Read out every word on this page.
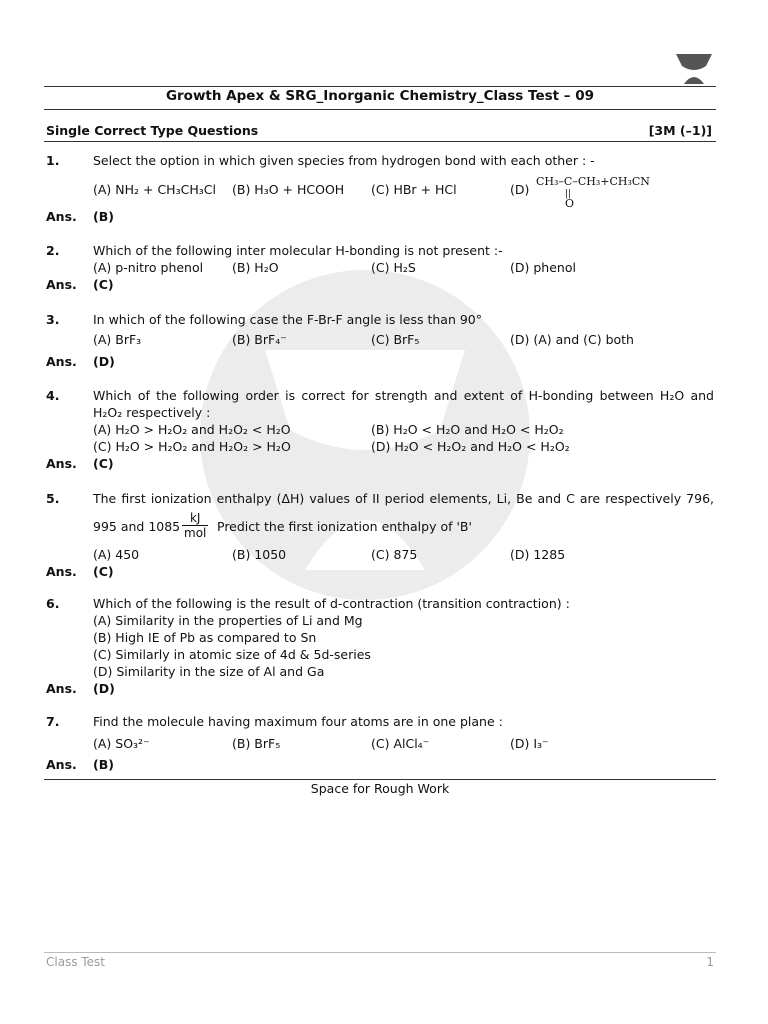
Growth Apex & SRG_Inorganic Chemistry_Class Test – 09
Single Correct Type Questions	[3M (–1)]
1.	Select the option in which given species from hydrogen bond with each other : -
(A) NH₂ + CH₃CH₃Cl (B) H₃O + HCOOH (C) HBr + HCl	(D)
CH₃–C–CH₃+CH₃CN
||
O
Ans. (B)
2.	Which of the following inter molecular H-bonding is not present :-
(A) p-nitro phenol (B) H₂O	(C) H₂S	(D) phenol
Ans. (C)
3.	In which of the following case the F-Br-F angle is less than 90°
(A) BrF₃	(B) BrF₄⁻	(C) BrF₅	(D) (A) and (C) both
Ans. (D)
4.	Which of the following order is correct for strength and extent of H-bonding between H₂O and
H₂O₂ respectively :
(A) H₂O > H₂O₂ and H₂O₂ < H₂O	(B) H₂O < H₂O and H₂O < H₂O₂
(C) H₂O > H₂O₂ and H₂O₂ > H₂O	(D) H₂O < H₂O₂ and H₂O < H₂O₂
Ans. (C)
5.	The first ionization enthalpy (ΔH) values of II period elements, Li, Be and C are respectively 796,
995 and 1085
kJ
mol Predict the first ionization enthalpy of 'B'
(A) 450	(B) 1050	(C) 875	(D) 1285
Ans. (C)
6.	Which of the following is the result of d-contraction (transition contraction) :
(A) Similarity in the properties of Li and Mg
(B) High IE of Pb as compared to Sn
(C) Similarly in atomic size of 4d & 5d-series
(D) Similarity in the size of Al and Ga
Ans. (D)
7.	Find the molecule having maximum four atoms are in one plane :
(A) SO₃²⁻	(B) BrF₅	(C) AlCl₄⁻	(D) I₃⁻
Ans. (B)
Space for Rough Work
Class Test	1
